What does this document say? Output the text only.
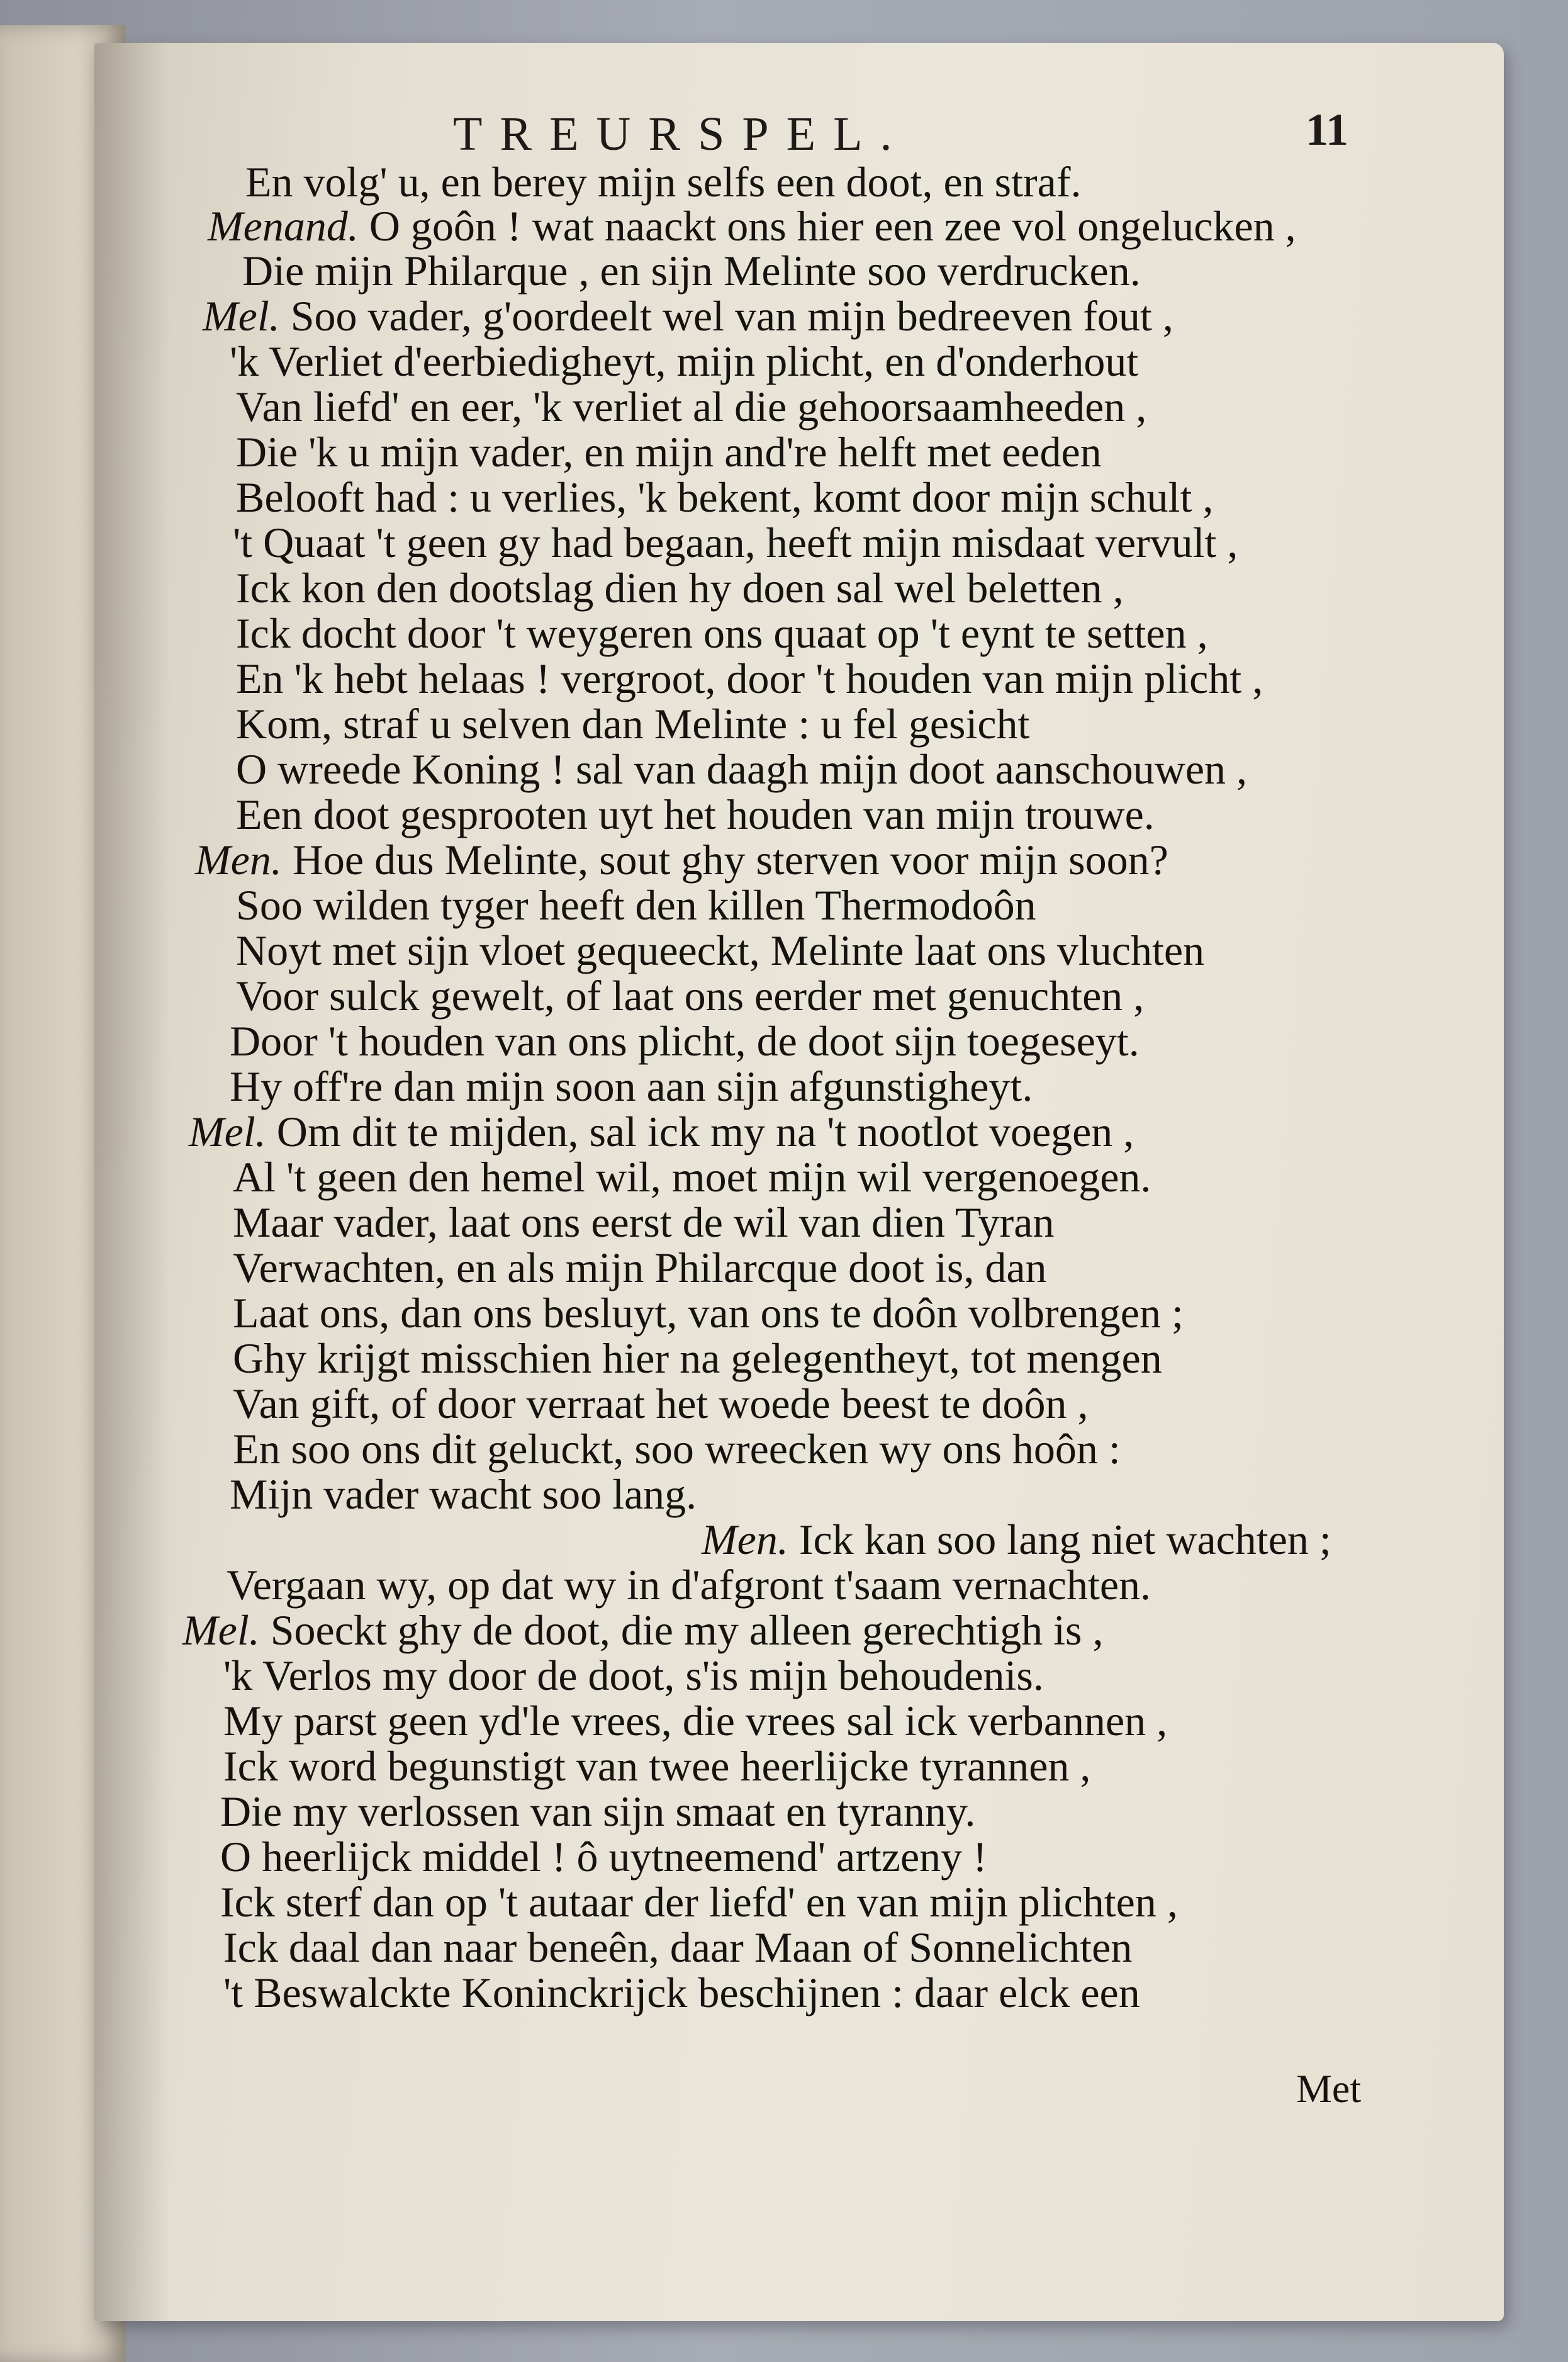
TREURSPEL.	11
En volg' u, en berey mijn selfs een doot, en straf.
Menand. O goôn ! wat naackt ons hier een zee vol ongelucken ,
Die mijn Philarque , en sijn Melinte soo verdrucken.
Mel. Soo vader, g'oordeelt wel van mijn bedreeven fout ,
'k Verliet d'eerbiedigheyt, mijn plicht, en d'onderhout
Van liefd' en eer, 'k verliet al die gehoorsaamheeden ,
Die 'k u mijn vader, en mijn and're helft met eeden
Belooft had : u verlies, 'k bekent, komt door mijn schult ,
't Quaat 't geen gy had begaan, heeft mijn misdaat vervult ,
Ick kon den dootslag dien hy doen sal wel beletten ,
Ick docht door 't weygeren ons quaat op 't eynt te setten ,
En 'k hebt helaas ! vergroot, door 't houden van mijn plicht ,
Kom, straf u selven dan Melinte : u fel gesicht
O wreede Koning ! sal van daagh mijn doot aanschouwen ,
Een doot gesprooten uyt het houden van mijn trouwe.
Men. Hoe dus Melinte, sout ghy sterven voor mijn soon?
Soo wilden tyger heeft den killen Thermodoôn
Noyt met sijn vloet gequeeckt, Melinte laat ons vluchten
Voor sulck gewelt, of laat ons eerder met genuchten ,
Door 't houden van ons plicht, de doot sijn toegeseyt.
Hy off're dan mijn soon aan sijn afgunstigheyt.
Mel. Om dit te mijden, sal ick my na 't nootlot voegen ,
Al 't geen den hemel wil, moet mijn wil vergenoegen.
Maar vader, laat ons eerst de wil van dien Tyran
Verwachten, en als mijn Philarcque doot is, dan
Laat ons, dan ons besluyt, van ons te doôn volbrengen ;
Ghy krijgt misschien hier na gelegentheyt, tot mengen
Van gift, of door verraat het woede beest te doôn ,
En soo ons dit geluckt, soo wreecken wy ons hoôn :
Mijn vader wacht soo lang.
Men. Ick kan soo lang niet wachten ;
Vergaan wy, op dat wy in d'afgront t'saam vernachten.
Mel. Soeckt ghy de doot, die my alleen gerechtigh is ,
'k Verlos my door de doot, s'is mijn behoudenis.
My parst geen yd'le vrees, die vrees sal ick verbannen ,
Ick word begunstigt van twee heerlijcke tyrannen ,
Die my verlossen van sijn smaat en tyranny.
O heerlijck middel ! ô uytneemend' artzeny !
Ick sterf dan op 't autaar der liefd' en van mijn plichten ,
Ick daal dan naar beneên, daar Maan of Sonnelichten
't Beswalckte Koninckrijck beschijnen : daar elck een
Met
